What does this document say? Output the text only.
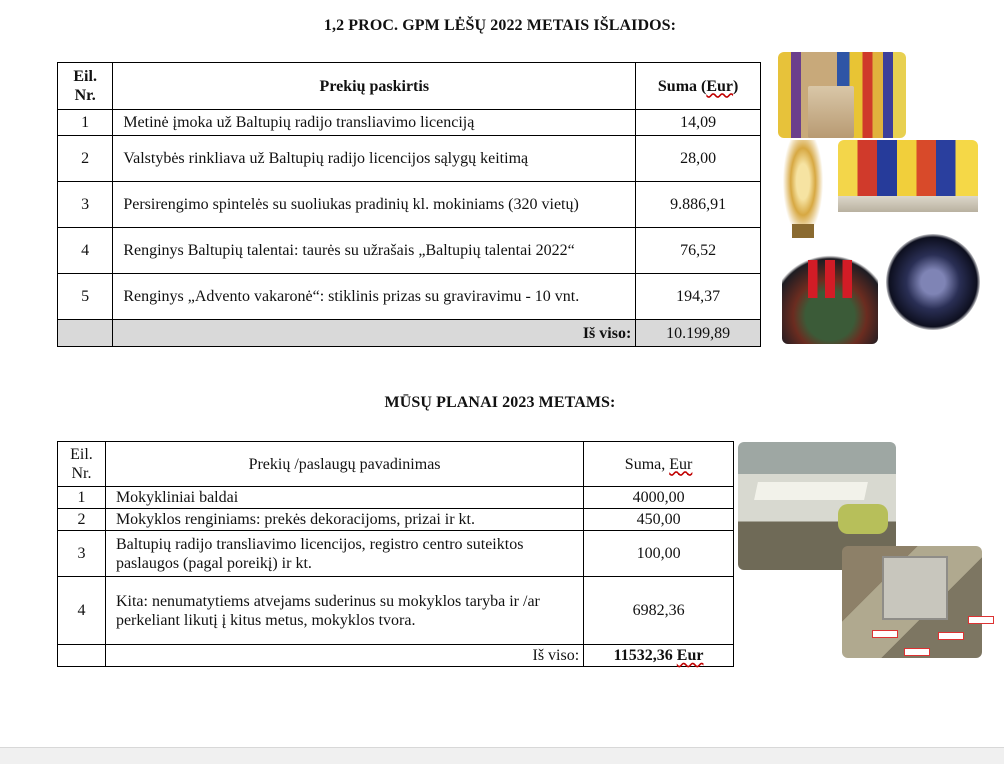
1,2 PROC. GPM LĖŠŲ 2022 METAIS IŠLAIDOS:
Eil. Nr.	Prekių paskirtis	Suma (Eur)
1	Metinė įmoka už Baltupių radijo transliavimo licenciją	14,09
2	Valstybės rinkliava už Baltupių radijo licencijos sąlygų keitimą	28,00
3	Persirengimo spintelės su suoliukas pradinių kl. mokiniams (320 vietų)	9.886,91
4	Renginys Baltupių talentai: taurės su užrašais „Baltupių talentai 2022“	76,52
5	Renginys „Advento vakaronė“: stiklinis prizas su graviravimu - 10 vnt.	194,37
	Iš viso:	10.199,89
MŪSŲ PLANAI 2023 METAMS:
Eil. Nr.	Prekių /paslaugų pavadinimas	Suma, Eur
1	Mokykliniai baldai	4000,00
2	Mokyklos renginiams: prekės dekoracijoms, prizai ir kt.	450,00
3	Baltupių radijo transliavimo licencijos, registro centro suteiktos paslaugos (pagal poreikį) ir kt.	100,00
4	Kita: nenumatytiems atvejams suderinus su mokyklos taryba ir /ar perkeliant likutį į kitus metus, mokyklos tvora.	6982,36
	Iš viso:	11532,36 Eur
